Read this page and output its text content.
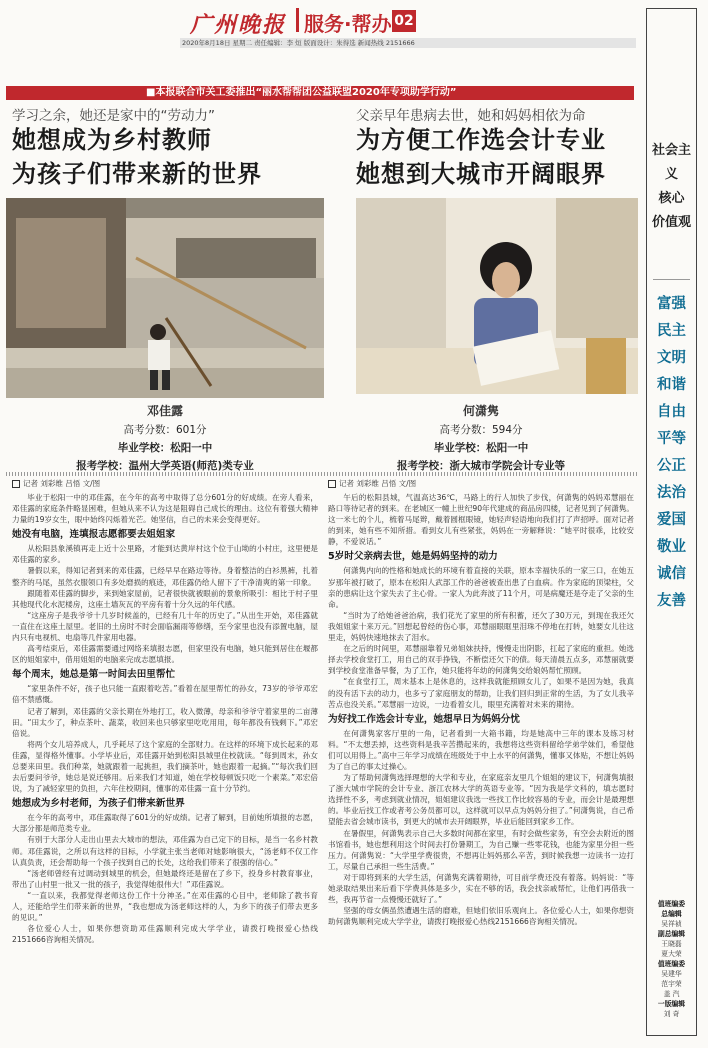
广州晚报 服务·帮办 02
2020年8月18日 星期二 责任编辑：李 烜 版面设计：朱得选 新闻热线 2151666
■本报联合市关工委推出“丽水帮帮团公益联盟2020年专项助学行动”
学习之余，她还是家中的“劳动力”
她想成为乡村教师
为孩子们带来新的世界
邓佳露
高考分数：601分
毕业学校：松阳一中
报考学校：温州大学英语(师范)类专业
记者 刘彩维 吕悟 文/图

毕业于松阳一中的邓佳露，在今年的高考中取得了总分601分的好成绩。在旁人看来，邓佳露的家庭条件略显困难，但她从来不认为这是阻碍自己成长的理由。这位有着强大精神力量的19岁女生，眼中始终闪烁着光芒。她坚信，自己的未来会变得更好。

她没有电脑，连填报志愿都要去姐姐家

从松阳县象溪镇再走上近十公里路，才能到达黄岸村这个位于山坳的小村庄，这里便是邓佳露的家乡。

暑假以来，得知记者到来的邓佳露，已经早早在路边等待。身着整洁的白衫黑裤，扎着整齐的马尾，虽然衣服领口有多处磨损的痕迹，邓佳露仍给人留下了干净清爽的第一印象。

跟随着邓佳露的脚步，来到她家屋前，记者很快就被眼前的景象所吸引：相比于村子里其他现代化水泥楼房，这座土墙灰瓦的平房有着十分久远的年代感。

“这座房子是我爷爷十几岁时候盖的，已经有几十年的历史了。”从出生开始，邓佳露就一直住在这座土屋里。老旧的土房时不时会面临漏雨等修缮，至今家里也没有添置电脑，屋内只有电视机、电扇等几件家用电器。

高考结束后，邓佳露需要通过网络来填报志愿，但家里没有电脑，她只能到居住在堰都区的姐姐家中，借用姐姐的电脑来完成志愿填报。

每个周末，她总是第一时间去田里帮忙

“家里条件不好，孩子也只能一直跟着吃苦。”看着在屋里帮忙的孙女，73岁的爷爷邓宏倍不禁感慨。

记者了解到，邓佳露的父亲长期在外地打工，收入微薄，母亲和爷爷守着家里的二亩薄田。“田太少了，种点茶叶、蔬菜，收回来也只够家里吃吃用用，每年都没有钱剩下。”邓宏倍说。

将两个女儿培养成人，几乎耗尽了这个家庭的全部财力。在这样的环境下成长起来的邓佳露，显得格外懂事。小学毕业后，邓佳露开始到松阳县城里住校就读。“每到周末，孙女总要来田里。我们种菜，她就跟着一起挑担，我们摘茶叶，她也跟着一起摘。”“每次我们回去后要问爷爷，她总是说还够用。后来我们才知道，她在学校每顿饭只吃一个素菜。”邓宏倍说，为了减轻家里的负担，六年住校期间，懂事的邓佳露一直十分节约。

她想成为乡村老师，为孩子们带来新世界

在今年的高考中，邓佳露取得了601分的好成绩。记者了解到，目前她所填报的志愿，大部分都是师范类专业。

有别于大部分人走出山里去大城市的想法，邓佳露为自己定下的目标，是当一名乡村教师。邓佳露说，之所以有这样的目标，小学就主张当老师对她影响很大，“汤老师不仅工作认真负责，还会帮助每一个孩子找到自己的长处，这给我们带来了很强的信心。”

“汤老师曾经有过调动到城里的机会，但她最终还是留在了乡下，投身乡村教育事业，带出了山村里一批又一批的孩子，我觉得她很伟大！”邓佳露说。

“一直以来，我都觉得老师这份工作十分神圣。”在邓佳露的心目中，老师除了教书育人，还能给学生们带来新的世界，“我也想成为汤老师这样的人，为乡下的孩子们带去更多的见识。”

各位爱心人士，如果你想资助邓佳露顺利完成大学学业，请拨打晚报爱心热线2151666咨询相关情况。

父亲早年患病去世，她和妈妈相依为命
为方便工作选会计专业
她想到大城市开阔眼界
何潇隽
高考分数：594分
毕业学校：松阳一中
报考学校：浙大城市学院会计专业等
记者 刘彩维 吕悟 文/图

午后的松阳县城，气温高达36℃，马路上的行人加快了步伐，何潇隽的妈妈邓慧丽在路口等待记者的到来。在老城区一幢上世纪90年代建成的商品房四楼，记者见到了何潇隽。这一米七的个儿，梳着马尾辫，戴着圆框眼镜，她轻声轻语地向我们打了声招呼。面对记者的到来，她有些不知所措。看到女儿有些紧张，妈妈在一旁解释说：“她平时很乖，比较安静，不爱说话。”

5岁时父亲病去世，她是妈妈坚持的动力

何潇隽内向的性格和她成长的环境有着直接的关联，原本幸福快乐的一家三口，在她五岁那年被打破了，原本在松阳人武部工作的爸爸被查出患了白血病。作为家庭的顶梁柱，父亲的患病让这个家失去了主心骨。一家人为此奔波了11个月，可是病魔还是夺走了父亲的生命。

“当时为了给她爸爸治病，我们花光了家里的所有积蓄，还欠了30万元，到现在我还欠我姐姐家十来万元。”回想起曾经的伤心事，邓慧丽眼眶里泪珠不停地在打转，她要女儿往这里走，妈妈快速地抹去了泪水。

在之后的时间里，邓慧丽靠着兄弟姐妹扶持，慢慢走出阴影，扛起了家庭的重担。她选择去学校食堂打工，用自己的双手挣钱，不断偿还欠下的债。每天清晨五点多，邓慧丽就要到学校食堂准备早餐，为了工作，她只能将年幼的何潇隽交给娘妈帮忙照顾。

“在食堂打工，周末基本上是休息的，这样我就能照顾女儿了，如果不是因为她，我真的没有活下去的动力，也多亏了家庭朋友的帮助，让我们回归到正常的生活，为了女儿我辛苦点也没关系。”邓慧丽一边说，一边看着女儿，眼里充满着对未来的期待。

为好找工作选会计专业，她想早日为妈妈分忧

在何潇隽家客厅里的一角，记者看到一大箱书籍，均是她高中三年的课本及练习材料。“不太想丢掉，这些资料是我辛苦攒起来的，我想将这些资料留给学弟学妹们，希望他们可以用得上。”高中三年学习成绩在班级处于中上水平的何潇隽，懂事又体贴，不想让妈妈为了自己的事太过操心。

为了帮助何潇隽选择理想的大学和专业，在家庭亲友里几个姐姐的建议下，何潇隽填报了浙大城市学院的会计专业、浙江农林大学的英语专业等。“因为我是学文科的，填志愿时选择性不多，考虑到就业情况，姐姐建议我选一些找工作比较容易的专业，而会计是最理想的。毕业后找工作或者考公务员都可以，这样就可以早点为妈妈分担了。”何潇隽说，自己希望能去省会城市读书，到更大的城市去开阔眼界，毕业后能回到家乡工作。

在暑假里，何潇隽表示自己大多数时间都在家里，有时会做些家务，有空会去附近的图书馆看书，她也想利用这个时间去打份暑期工，为自己赚一些零花钱，也能为家里分担一些压力。何潇隽说：“大学里学费很贵，不想再让妈妈那么辛苦，到时候我想一边读书一边打工，尽量自己承担一些生活费。”

对于即将到来的大学生活，何潇隽充满着期待，可目前学费还没有着落。妈妈说：“等她录取结果出来后看下学费具体是多少，实在不够的话，我会找亲戚帮忙，让他们再借我一些，我再节省一点慢慢还就好了。”

坚强的母女俩虽然遭遇生活的磨难，但她们依旧乐观向上。各位爱心人士，如果你想资助何潇隽顺利完成大学学业，请拨打晚报爱心热线2151666咨询相关情况。

社会主义
核心
价值观
富强
民主
文明
和谐
自由
平等
公正
法治
爱国
敬业
诚信
友善
值班编委
总编辑
吴祥祯
副总编辑
王晓磊
夏大荣
值班编委
吴建华
范宇荣
盖 汽
一版编辑
刘 奇
